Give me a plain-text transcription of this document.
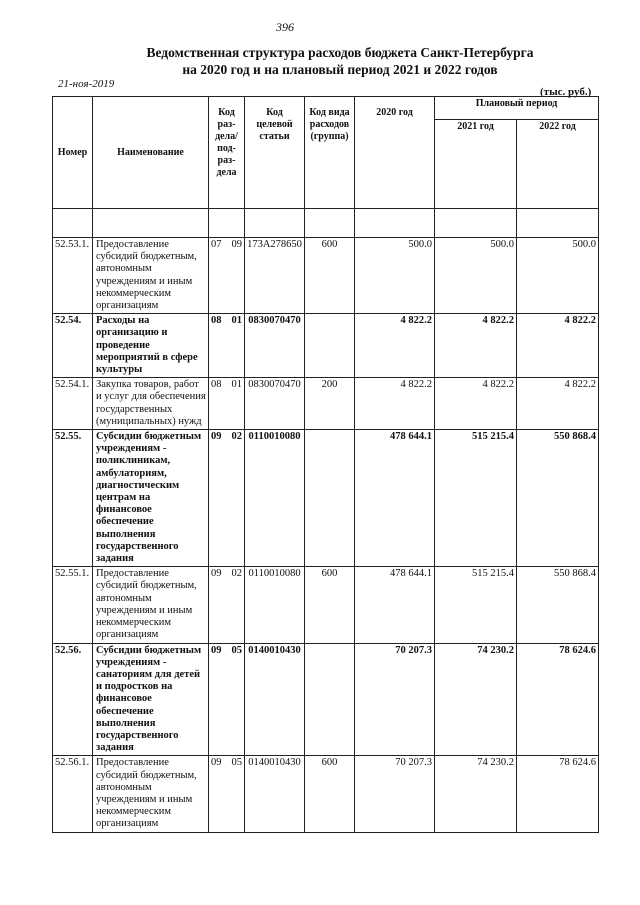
396
Ведомственная структура расходов бюджета Санкт-Петербурга
на 2020 год и на плановый период 2021 и 2022 годов
21-ноя-2019
(тыс. руб.)
Номер	Наименование	Код раз-дела/ под-раз-дела		Код целевой статьи	Код вида расходов (группа)	2020 год	Плановый период	
							2021 год	2022 год

52.53.1.	Предоставление субсидий бюджетным, автономным учреждениям и иным некоммерческим организациям	07	09	173А278650	600	500.0	500.0	500.0
52.54.	Расходы на организацию и проведение мероприятий в сфере культуры	08	01	0830070470		4 822.2	4 822.2	4 822.2
52.54.1.	Закупка товаров, работ и услуг для обеспечения государственных (муниципальных) нужд	08	01	0830070470	200	4 822.2	4 822.2	4 822.2
52.55.	Субсидии бюджетным учреждениям - поликлиникам, амбулаториям, диагностическим центрам на финансовое обеспечение выполнения государственного задания	09	02	0110010080		478 644.1	515 215.4	550 868.4
52.55.1.	Предоставление субсидий бюджетным, автономным учреждениям и иным некоммерческим организациям	09	02	0110010080	600	478 644.1	515 215.4	550 868.4
52.56.	Субсидии бюджетным учреждениям - санаториям для детей и подростков на финансовое обеспечение выполнения государственного задания	09	05	0140010430		70 207.3	74 230.2	78 624.6
52.56.1.	Предоставление субсидий бюджетным, автономным учреждениям и иным некоммерческим организациям	09	05	0140010430	600	70 207.3	74 230.2	78 624.6
